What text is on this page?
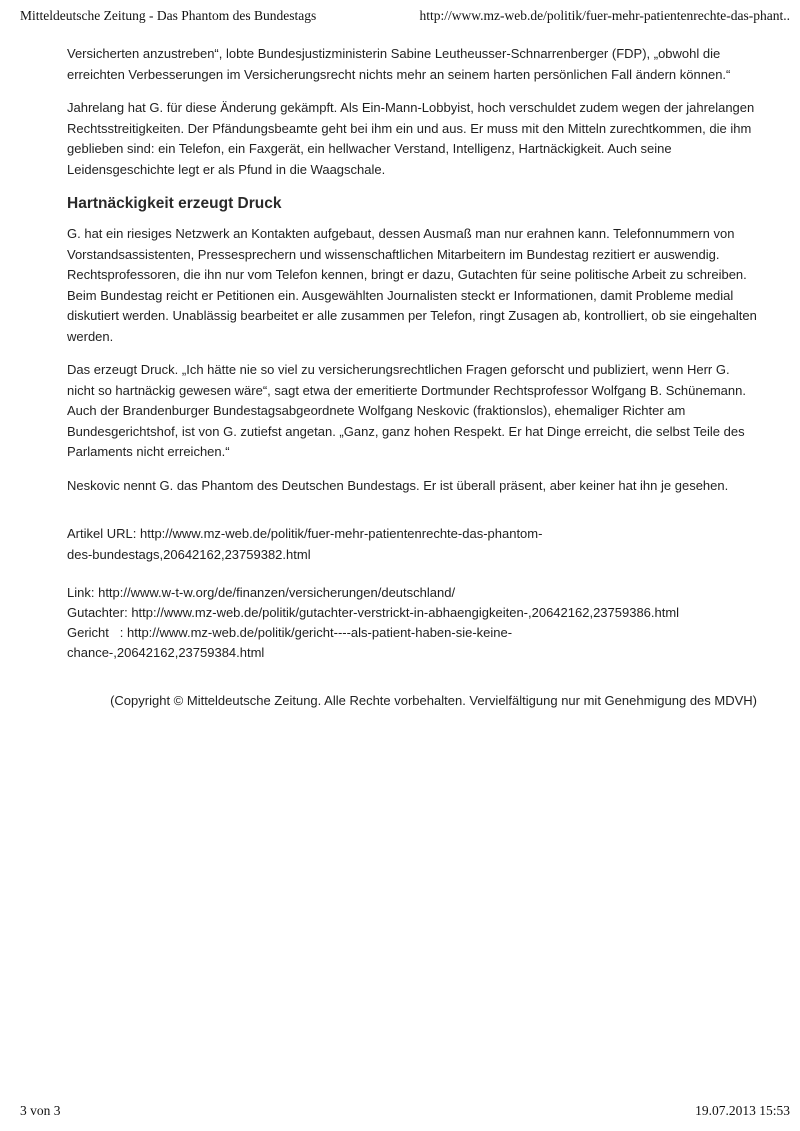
Mitteldeutsche Zeitung - Das Phantom des Bundestags	http://www.mz-web.de/politik/fuer-mehr-patientenrechte-das-phant..

Versicherten anzustreben“, lobte Bundesjustizministerin Sabine Leutheusser-Schnarrenberger (FDP), „obwohl die erreichten Verbesserungen im Versicherungsrecht nichts mehr an seinem harten persönlichen Fall ändern können.“

Jahrelang hat G. für diese Änderung gekämpft. Als Ein-Mann-Lobbyist, hoch verschuldet zudem wegen der jahrelangen Rechtsstreitigkeiten. Der Pfändungsbeamte geht bei ihm ein und aus. Er muss mit den Mitteln zurechtkommen, die ihm geblieben sind: ein Telefon, ein Faxgerät, ein hellwacher Verstand, Intelligenz, Hartnäckigkeit. Auch seine Leidensgeschichte legt er als Pfund in die Waagschale.

Hartnäckigkeit erzeugt Druck

G. hat ein riesiges Netzwerk an Kontakten aufgebaut, dessen Ausmaß man nur erahnen kann. Telefonnummern von Vorstandsassistenten, Pressesprechern und wissenschaftlichen Mitarbeitern im Bundestag rezitiert er auswendig. Rechtsprofessoren, die ihn nur vom Telefon kennen, bringt er dazu, Gutachten für seine politische Arbeit zu schreiben. Beim Bundestag reicht er Petitionen ein. Ausgewählten Journalisten steckt er Informationen, damit Probleme medial diskutiert werden. Unablässig bearbeitet er alle zusammen per Telefon, ringt Zusagen ab, kontrolliert, ob sie eingehalten werden.

Das erzeugt Druck. „Ich hätte nie so viel zu versicherungsrechtlichen Fragen geforscht und publiziert, wenn Herr G. nicht so hartnäckig gewesen wäre“, sagt etwa der emeritierte Dortmunder Rechtsprofessor Wolfgang B. Schünemann. Auch der Brandenburger Bundestagsabgeordnete Wolfgang Neskovic (fraktionslos), ehemaliger Richter am Bundesgerichtshof, ist von G. zutiefst angetan. „Ganz, ganz hohen Respekt. Er hat Dinge erreicht, die selbst Teile des Parlaments nicht erreichen.“

Neskovic nennt G. das Phantom des Deutschen Bundestags. Er ist überall präsent, aber keiner hat ihn je gesehen.

Artikel URL: http://www.mz-web.de/politik/fuer-mehr-patientenrechte-das-phantom-
des-bundestags,20642162,23759382.html
Link: http://www.w-t-w.org/de/finanzen/versicherungen/deutschland/
Gutachter: http://www.mz-web.de/politik/gutachter-verstrickt-in-abhaengigkeiten-,20642162,23759386.html
Gericht   : http://www.mz-web.de/politik/gericht----als-patient-haben-sie-keine-
chance-,20642162,23759384.html
(Copyright © Mitteldeutsche Zeitung. Alle Rechte vorbehalten. Vervielfältigung nur mit Genehmigung des MDVH)
3 von 3	19.07.2013 15:53
